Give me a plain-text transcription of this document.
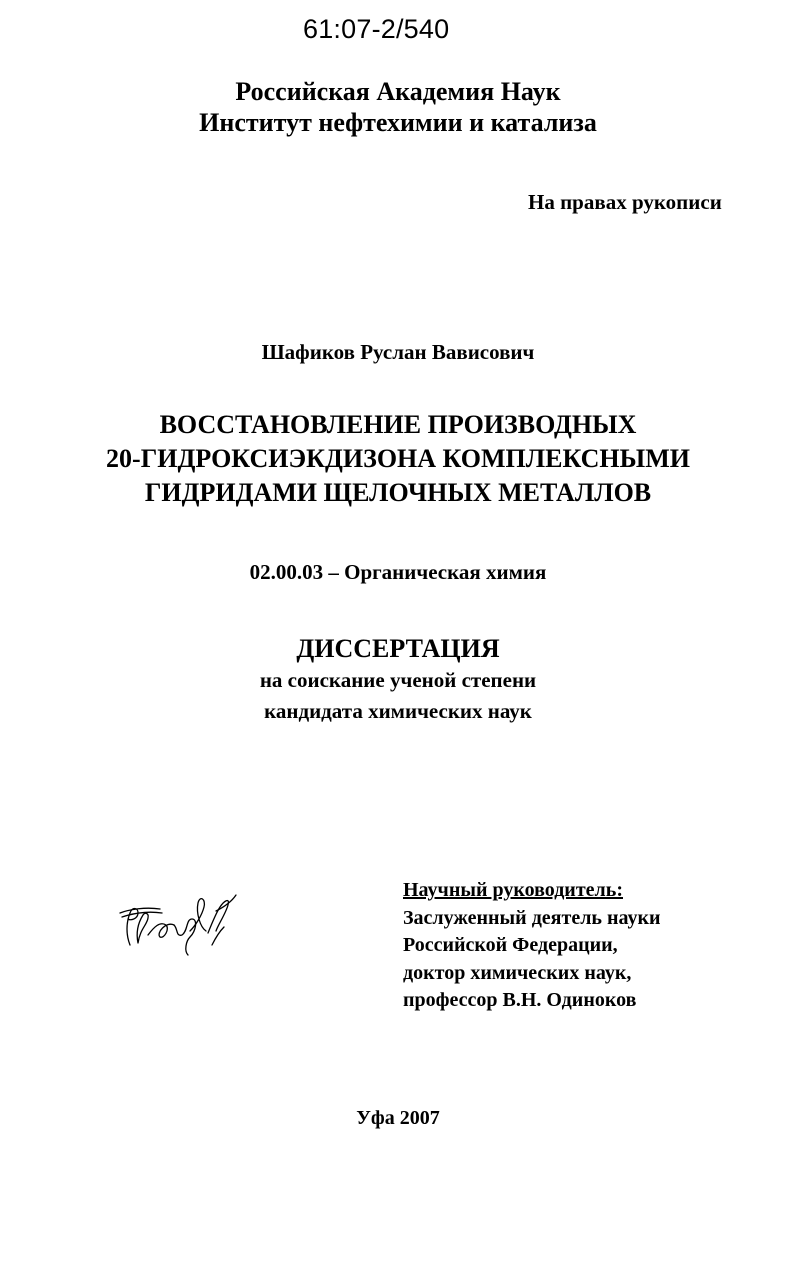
61:07-2/540
Российская Академия Наук
Институт нефтехимии и катализа
На правах рукописи
Шафиков Руслан Вависович
ВОССТАНОВЛЕНИЕ ПРОИЗВОДНЫХ
20-ГИДРОКСИЭКДИЗОНА КОМПЛЕКСНЫМИ
ГИДРИДАМИ ЩЕЛОЧНЫХ МЕТАЛЛОВ
02.00.03 – Органическая химия
ДИССЕРТАЦИЯ
на соискание ученой степени
кандидата химических наук
Научный руководитель:
Заслуженный деятель науки
Российской Федерации,
доктор химических наук,
профессор В.Н. Одиноков
Уфа 2007
